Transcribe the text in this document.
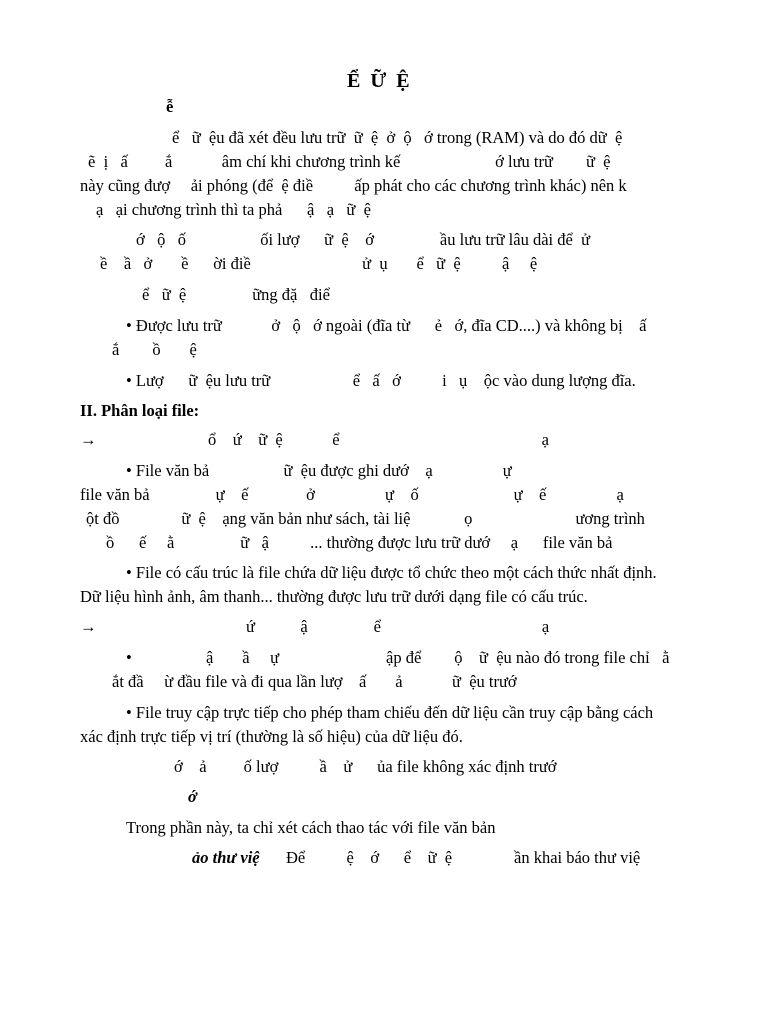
Ể  Ữ  Ệ
ễ
ể   ữ  ệu đã xét đều lưu trữ  ữ  ệ  ở  ộ   ớ trong (RAM) và do đó dữ  ệ
ẽ  ị   ấ         ắ            âm chí khi chương trình kế                       ớ lưu trữ        ữ  ệ
này cũng đượ     ải phóng (để  ệ điề          ấp phát cho các chương trình khác) nên k
ạ   ại chương trình thì ta phả      ậ   ạ   ữ  ệ
ớ   ộ   ố                  ối lượ      ữ  ệ    ớ                ầu lưu trữ lâu dài để  ử
ề    ầ   ở       ề      ời điề                           ử  ụ       ể   ữ  ệ          ậ     ệ
ể   ữ  ệ                ững đặ   điể
• Được lưu trữ            ở   ộ   ớ ngoài (đĩa từ      ẻ   ớ, đĩa CD....) và không bị    ấ
ắ        ồ       ệ
• Lượ      ữ  ệu lưu trữ                    ể   ấ   ớ          i   ụ    ộc vào dung lượng đĩa.
II. Phân loại file:
→	ổ    ứ    ữ  ệ            ể                                                 ạ
• File văn bả                  ữ  ệu được ghi dướ    ạ                 ự
file văn bả                ự    ế              ở                 ự    ố                       ự    ế                 ạ
ột đồ               ữ  ệ    ạng văn bản như sách, tài liệ             ọ                         ương trình
ồ      ế     ằ                ữ   ậ          ... thường được lưu trữ dướ     ạ      file văn bả
• File có cấu trúc là file chứa dữ liệu được tổ chức theo một cách thức nhất định.
Dữ liệu hình ảnh, âm thanh... thường được lưu trữ dưới dạng file có cấu trúc.
→	ứ           ậ                ể                                       ạ
•	ậ       ầ     ự	ập để        ộ    ữ  ệu nào đó trong file chỉ   ằ
ắt đầ     ừ đầu file và đi qua lần lượ    ấ       ả            ữ  ệu trướ
• File truy cập trực tiếp cho phép tham chiếu đến dữ liệu cần truy cập bằng cách
xác định trực tiếp vị trí (thường là số hiệu) của dữ liệu đó.
ớ    ả         ố lượ          ầ    ử      ủa file không xác định trướ
ớ
Trong phần này, ta chỉ xét cách thao tác với file văn bản
ảo thư việ Để          ệ    ớ      ể    ữ  ệ               ần khai báo thư việ
